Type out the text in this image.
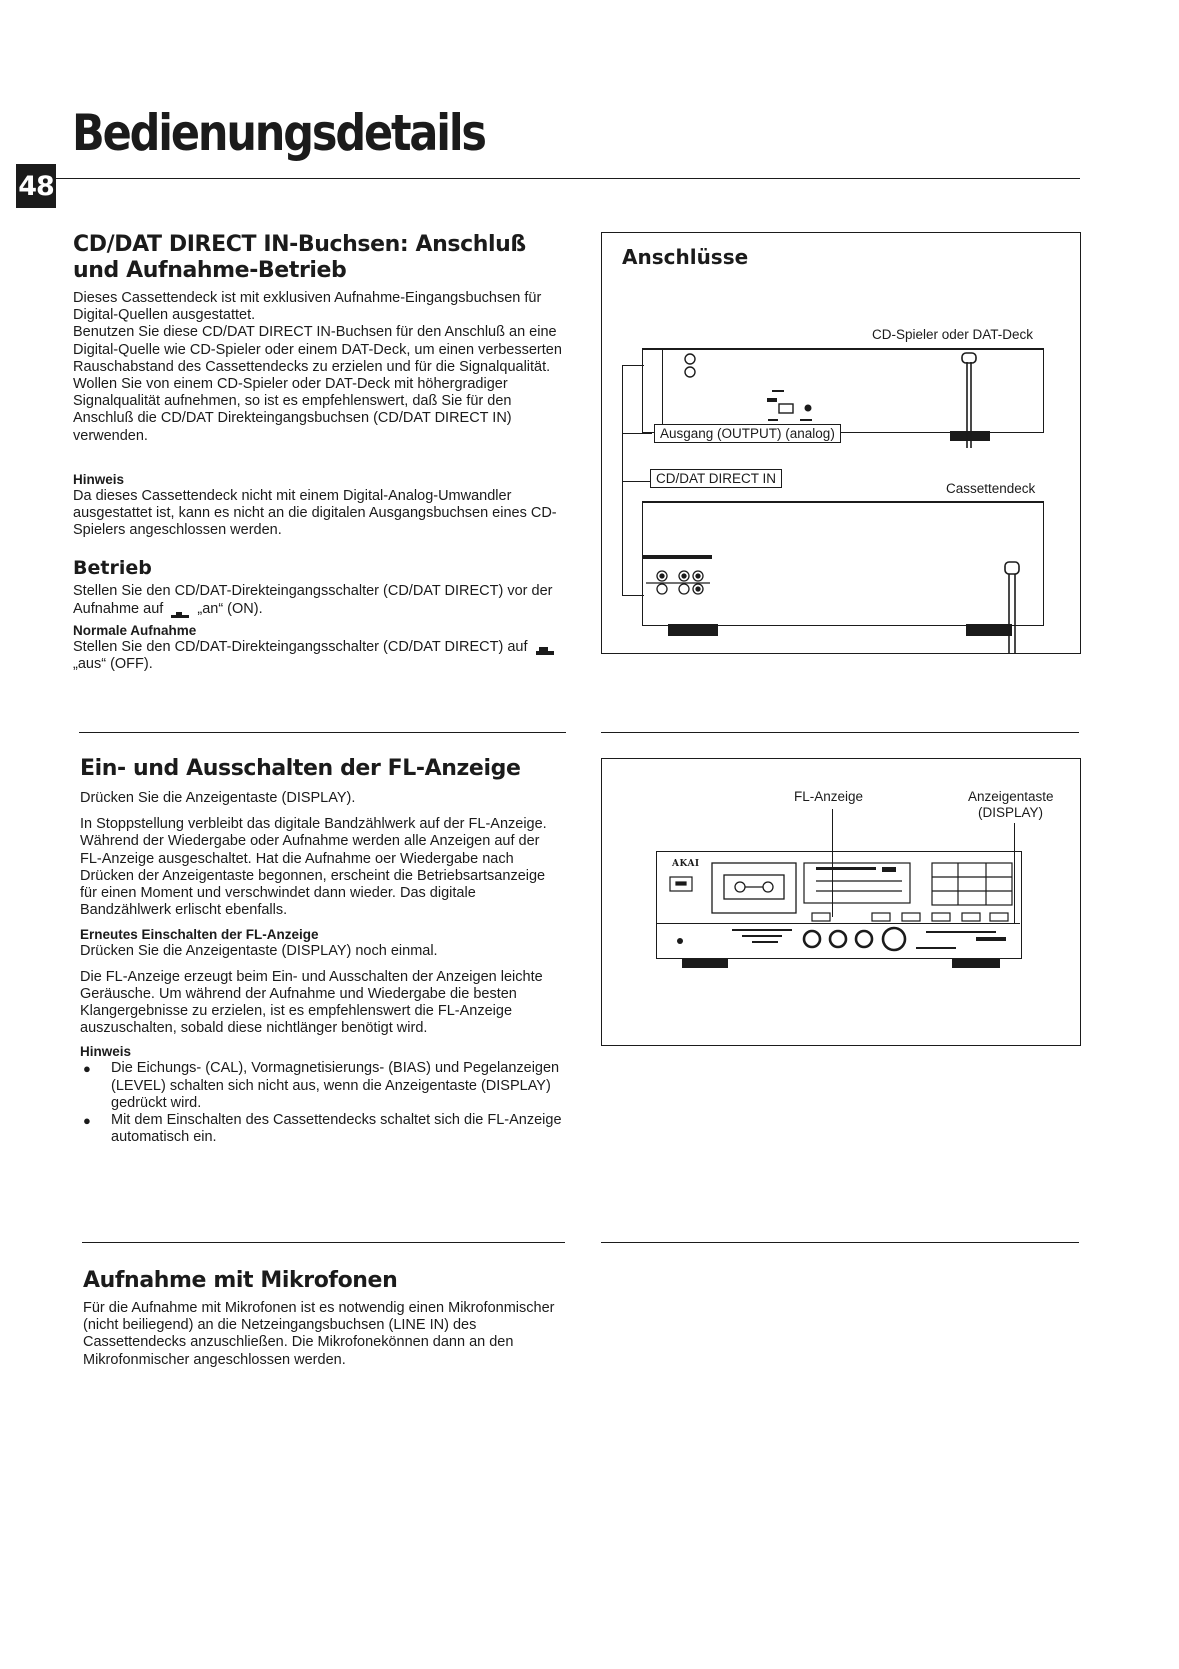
Bedienungsdetails
48
CD/DAT DIRECT IN-Buchsen: Anschluß
und Aufnahme-Betrieb

Dieses Cassettendeck ist mit exklusiven Aufnahme-Eingangsbuchsen für Digital-Quellen ausgestattet.

Benutzen Sie diese CD/DAT DIRECT IN-Buchsen für den Anschluß an eine Digital-Quelle wie CD-Spieler oder einem DAT-Deck, um einen verbesserten Rauschabstand des Cassettendecks zu erzielen und für die Signalqualität. Wollen Sie von einem CD-Spieler oder DAT-Deck mit höhergradiger Signalqualität aufnehmen, so ist es empfehlenswert, daß Sie für den Anschluß die CD/DAT Direkteingangsbuchsen (CD/DAT DIRECT IN) verwenden.

Hinweis

Da dieses Cassettendeck nicht mit einem Digital-Analog-Umwandler ausgestattet ist, kann es nicht an die digitalen Ausgangsbuchsen eines CD-Spielers angeschlossen werden.

Betrieb

Stellen Sie den CD/DAT-Direkteingangsschalter (CD/DAT DIRECT) vor der Aufnahme auf „an“ (ON).

Normale Aufnahme

Stellen Sie den CD/DAT-Direkteingangsschalter (CD/DAT DIRECT) auf  „aus“ (OFF).

Anschlüsse
CD-Spieler oder DAT-Deck
Ausgang (OUTPUT) (analog)
CD/DAT DIRECT IN
Cassettendeck
Ein- und Ausschalten der FL-Anzeige

Drücken Sie die Anzeigentaste (DISPLAY).

In Stoppstellung verbleibt das digitale Bandzählwerk auf der FL-Anzeige. Während der Wiedergabe oder Aufnahme werden alle Anzeigen auf der FL-Anzeige ausgeschaltet. Hat die Aufnahme oer Wiedergabe nach Drücken der Anzeigentaste begonnen, erscheint die Betriebsartsanzeige für einen Moment und verschwindet dann wieder. Das digitale Bandzählwerk erlischt ebenfalls.

Erneutes Einschalten der FL-Anzeige

Drücken Sie die Anzeigentaste (DISPLAY) noch einmal.

Die FL-Anzeige erzeugt beim Ein- und Ausschalten der Anzeigen leichte Geräusche. Um während der Aufnahme und Wiedergabe die besten Klangergebnisse zu erzielen, ist es empfehlenswert die FL-Anzeige auszuschalten, sobald diese nichtlänger benötigt wird.

Hinweis
● Die Eichungs- (CAL), Vormagnetisierungs- (BIAS) und Pegelanzeigen (LEVEL) schalten sich nicht aus, wenn die Anzeigentaste (DISPLAY) gedrückt wird.
● Mit dem Einschalten des Cassettendecks schaltet sich die FL-Anzeige automatisch ein.
FL-Anzeige	Anzeigentaste
(DISPLAY)
AKAI
Aufnahme mit Mikrofonen

Für die Aufnahme mit Mikrofonen ist es notwendig einen Mikrofonmischer (nicht beiliegend) an die Netzeingangsbuchsen (LINE IN) des Cassettendecks anzuschließen. Die Mikrofonekönnen dann an den Mikrofonmischer angeschlossen werden.
